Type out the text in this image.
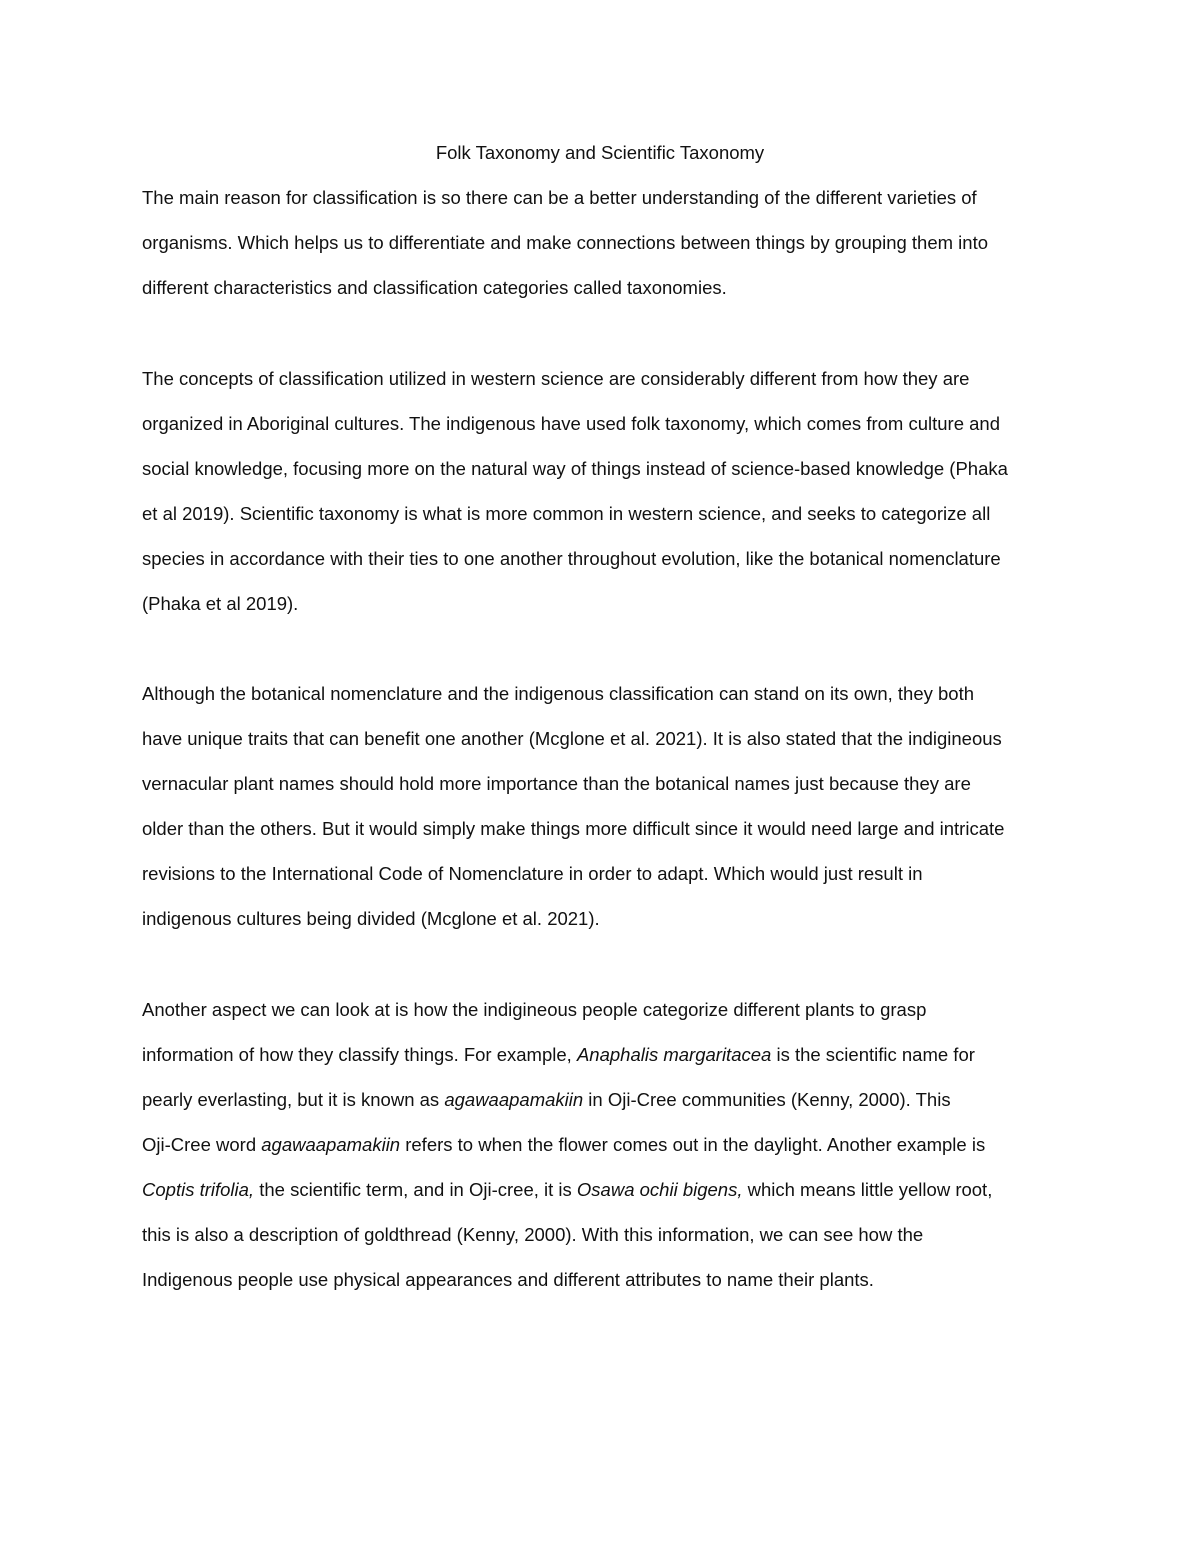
Folk Taxonomy and Scientific Taxonomy
The main reason for classification is so there can be a better understanding of the different varieties of
organisms. Which helps us to differentiate and make connections between things by grouping them into
different characteristics and classification categories called taxonomies.
The concepts of classification utilized in western science are considerably different from how they are
organized in Aboriginal cultures. The indigenous have used folk taxonomy, which comes from culture and
social knowledge, focusing more on the natural way of things instead of science-based knowledge (Phaka
et al 2019). Scientific taxonomy is what is more common in western science, and seeks to categorize all
species in accordance with their ties to one another throughout evolution, like the botanical nomenclature
(Phaka et al 2019).
Although the botanical nomenclature and the indigenous classification can stand on its own, they both
have unique traits that can benefit one another (Mcglone et al. 2021). It is also stated that the indigineous
vernacular plant names should hold more importance than the botanical names just because they are
older than the others. But it would simply make things more difficult since it would need large and intricate
revisions to the International Code of Nomenclature in order to adapt. Which would just result in
indigenous cultures being divided (Mcglone et al. 2021).
Another aspect we can look at is how the indigineous people categorize different plants to grasp
information of how they classify things. For example, Anaphalis margaritacea is the scientific name for
pearly everlasting, but it is known as agawaapamakiin in Oji-Cree communities (Kenny, 2000). This
Oji-Cree word agawaapamakiin refers to when the flower comes out in the daylight. Another example is
Coptis trifolia, the scientific term, and in Oji-cree, it is Osawa ochii bigens, which means little yellow root,
this is also a description of goldthread (Kenny, 2000). With this information, we can see how the
Indigenous people use physical appearances and different attributes to name their plants.
